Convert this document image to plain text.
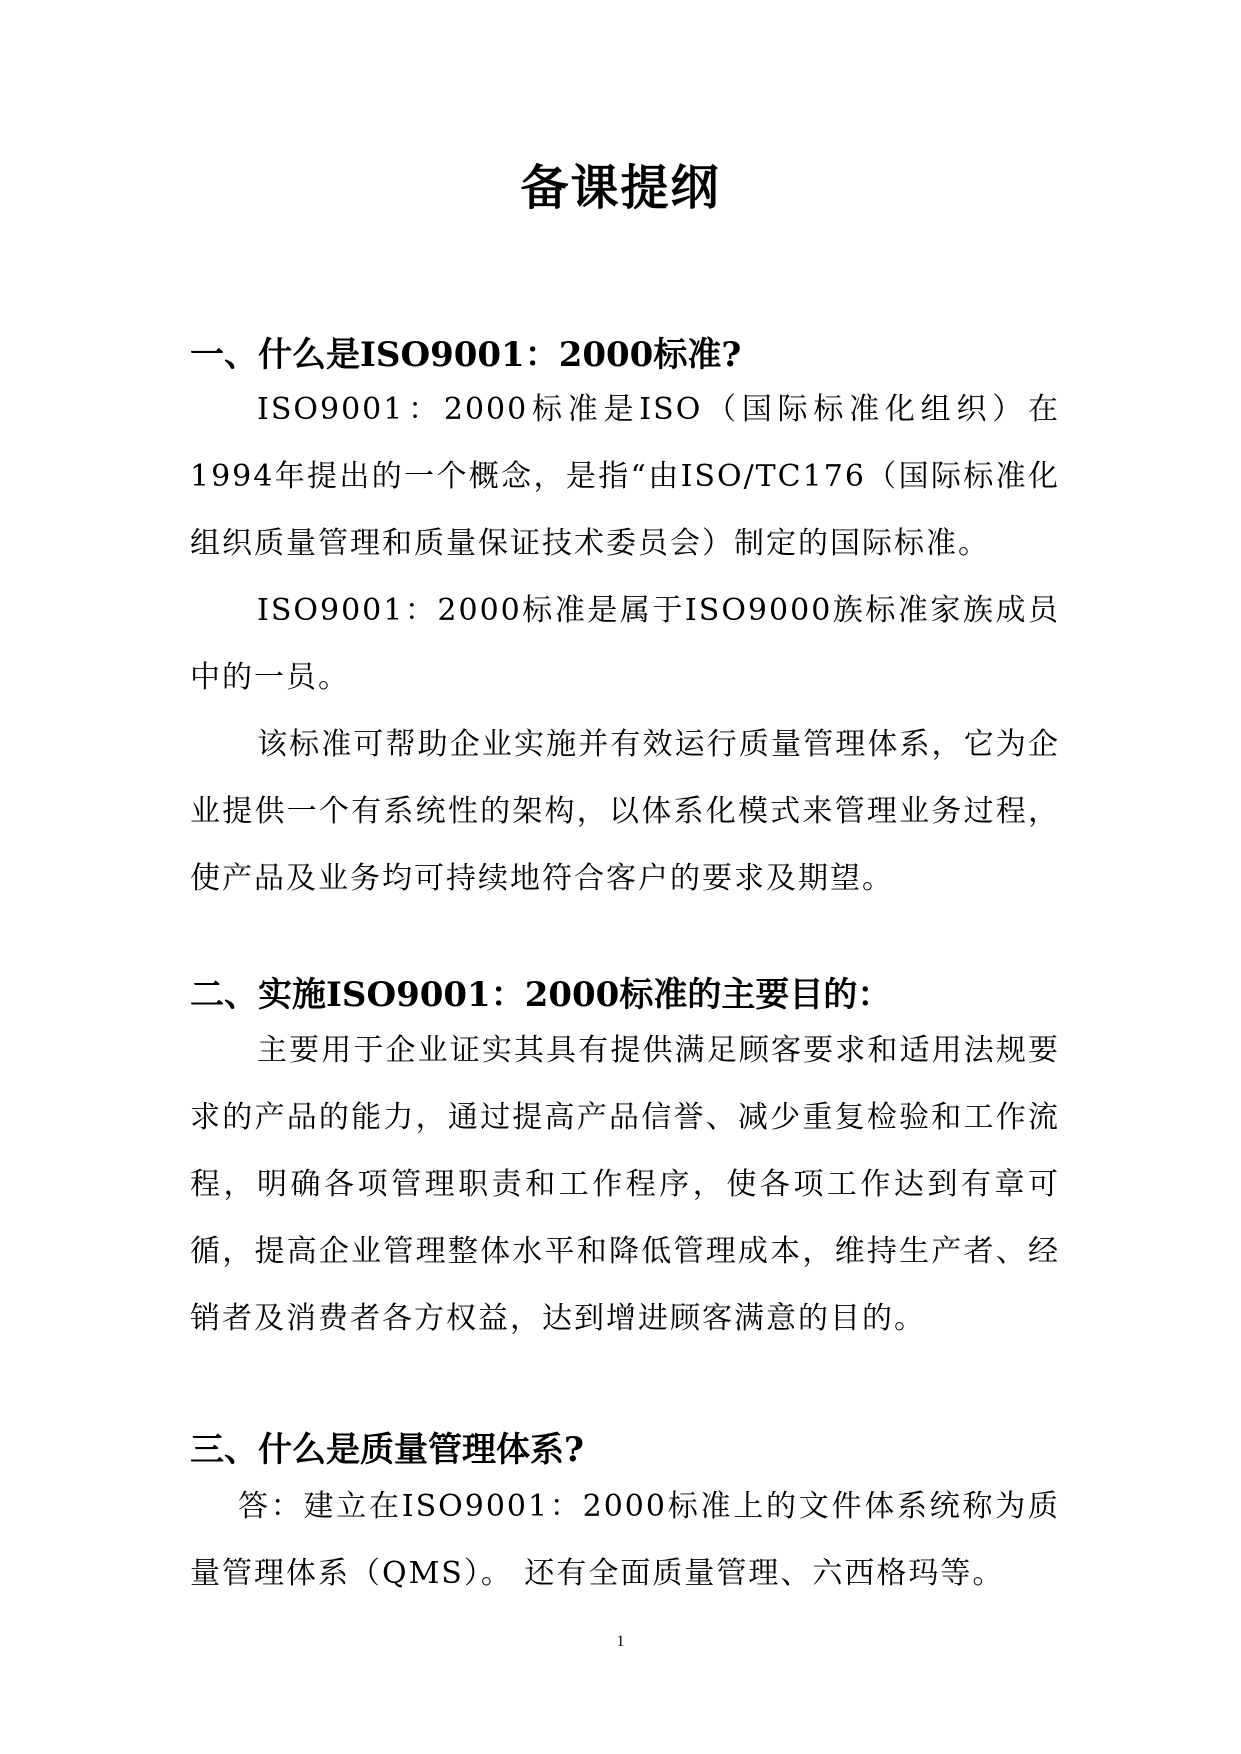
备课提纲
一、什么是ISO9001：2000标准?

ISO9001：2000标准是ISO（国际标准化组织）在1994年提出的一个概念，是指“由ISO/TC176（国际标准化组织质量管理和质量保证技术委员会）制定的国际标准。

ISO9001：2000标准是属于ISO9000族标准家族成员中的一员。

该标准可帮助企业实施并有效运行质量管理体系，它为企业提供一个有系统性的架构，以体系化模式来管理业务过程，使产品及业务均可持续地符合客户的要求及期望。

二、实施ISO9001：2000标准的主要目的：

主要用于企业证实其具有提供满足顾客要求和适用法规要求的产品的能力，通过提高产品信誉、减少重复检验和工作流程，明确各项管理职责和工作程序，使各项工作达到有章可循，提高企业管理整体水平和降低管理成本，维持生产者、经销者及消费者各方权益，达到增进顾客满意的目的。

三、什么是质量管理体系?

答：建立在ISO9001：2000标准上的文件体系统称为质量管理体系（QMS）。 还有全面质量管理、六西格玛等。

1
